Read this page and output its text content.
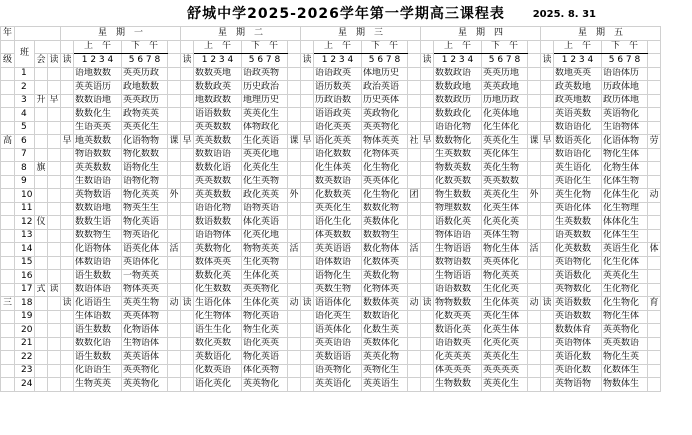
舒城中学2025-2026学年第一学期高三课程表	2025. 8. 31
年				星　期　一				星　期　二				星　期　三				星　期　四				星　期　五			
	班				上　午	下　午			上　午	下　午			上　午	下　午			上　午	下　午			上　午	下　午	
级		会	读	读	1 2 3 4	5 6 7 8		读	1 2 3 4	5 6 7 8		读	1 2 3 4	5 6 7 8		读	1 2 3 4	5 6 7 8		读	1 2 3 4	5 6 7 8	
	1				语地数数	英英历政			数数英地	语政英物			语语政英	体地历史			数数政语	英英历地			数地英英	语语体历	
	2				英英语历	政地数数			数数政英	历史政治			语历数英	政治英语			数数政地	英英政地			政英数地	历政体地	
	3	升	早		数数语地	英英政历			地数政数	地理历史			历政语数	历史英体			数数政历	历地历政			政英地数	政历体地	
	4				数数化生	政物英英			语语数数	英英化生			语语政英	英政物化			数数政化	化英体地			英语英数	英语物化	
	5				生语英英	英英化生			英英数数	体物政化			语化英英	英英物化			语语化物	化生体化			数语语化	生语物体	
高	6			早	地英数数	化语物物	课	早	英英数数	生化英语	课	早	语化英英	物体英英	社	早	数数物化	英英化生	课	早	数语英化	化语体物	劳
	7				物语数数	物化数数			数数语语	英英化地			语化数数	化物体英			生英数数	英化体生			数语语化	物化生体	
	8	旗			英英数数	语物化生			数数化语	化英化生			化生体英	化生物化			物数英数	英化生物			英生语化	化物生体	
	9				生数语语	语物化物			英英数数	化生英物			数英数语	英英体化			化数英数	英英数数			英语化生	化体生物	
	10				英物数语	物化英英	外		英英数数	政化英英	外		化数数英	化生物化	团		物生数数	英英化生	外		英生化物	化体生化	动
	11				数数语地	物英生生			语语化物	语物英语			英英化生	数数化物			物理数数	化英生体			英语化体	化生物理	
	12	仪			数数生语	物化英语			数语数数	体化英语			语化生化	英数体化			语数化英	化英化英			生英数数	体体化生	
	13				数数物生	物英语化			语语物体	化英化地			体英数数	数数物生			物体语语	英体生物			语英数数	化体生生	
	14				化语物体	语英化体	活		英数物化	物物英英	活		英英语语	数化物体	活		生物语语	物化生体	活		化英数数	英语生化	体
	15				体数语语	英语体化			数体英英	生化英物			语体数语	化数体英			数物语数	英英体化			英语物化	化生化体	
	16				语生数数	一物英英			数数化英	生体化英			语物化生	英数化物			生物语语	物化英英			英语数化	英英化生	
	17	式	读		数语体语	物体英英			化生数数	英英物化			英数生物	化物体英			语语数数	生化化英			英物数化	生化物化	
三	18			读	化语语生	英英生物	动	读	生语化体	生体化英	动	读	语语体化	数数体英	动	读	物物数数	生化体英	动	读	英语数数	化生物化	育
	19				生体语数	英英体物			化生物体	物化英语			语化英生	数数语化			化数英英	英化生体			英语数数	物化生体	
	20				语生数数	化物语体			语生生化	物生化英			语英体化	化数生英			数语化英	化英生体			数数体育	英英物化	
	21				数数化语	生物语体			数化英数	语化英英			英英语语	英数体化			语语数英	化英化英			英语物体	英英数语	
	22				语生数数	英英语体			英数语化	物化英语			英数语语	英英化物			化英英英	英英化生			英语化数	物化生英	
	23				化语语生	英英物化			化数英语	体化英物			语英物化	英物化生			体英英英	英英英英			英语化数	化数体生	
	24				生物英英	英英物化			语化英化	英英物化			英英语化	英英语生			生物数数	英英化生			英物语物	物数体生	
